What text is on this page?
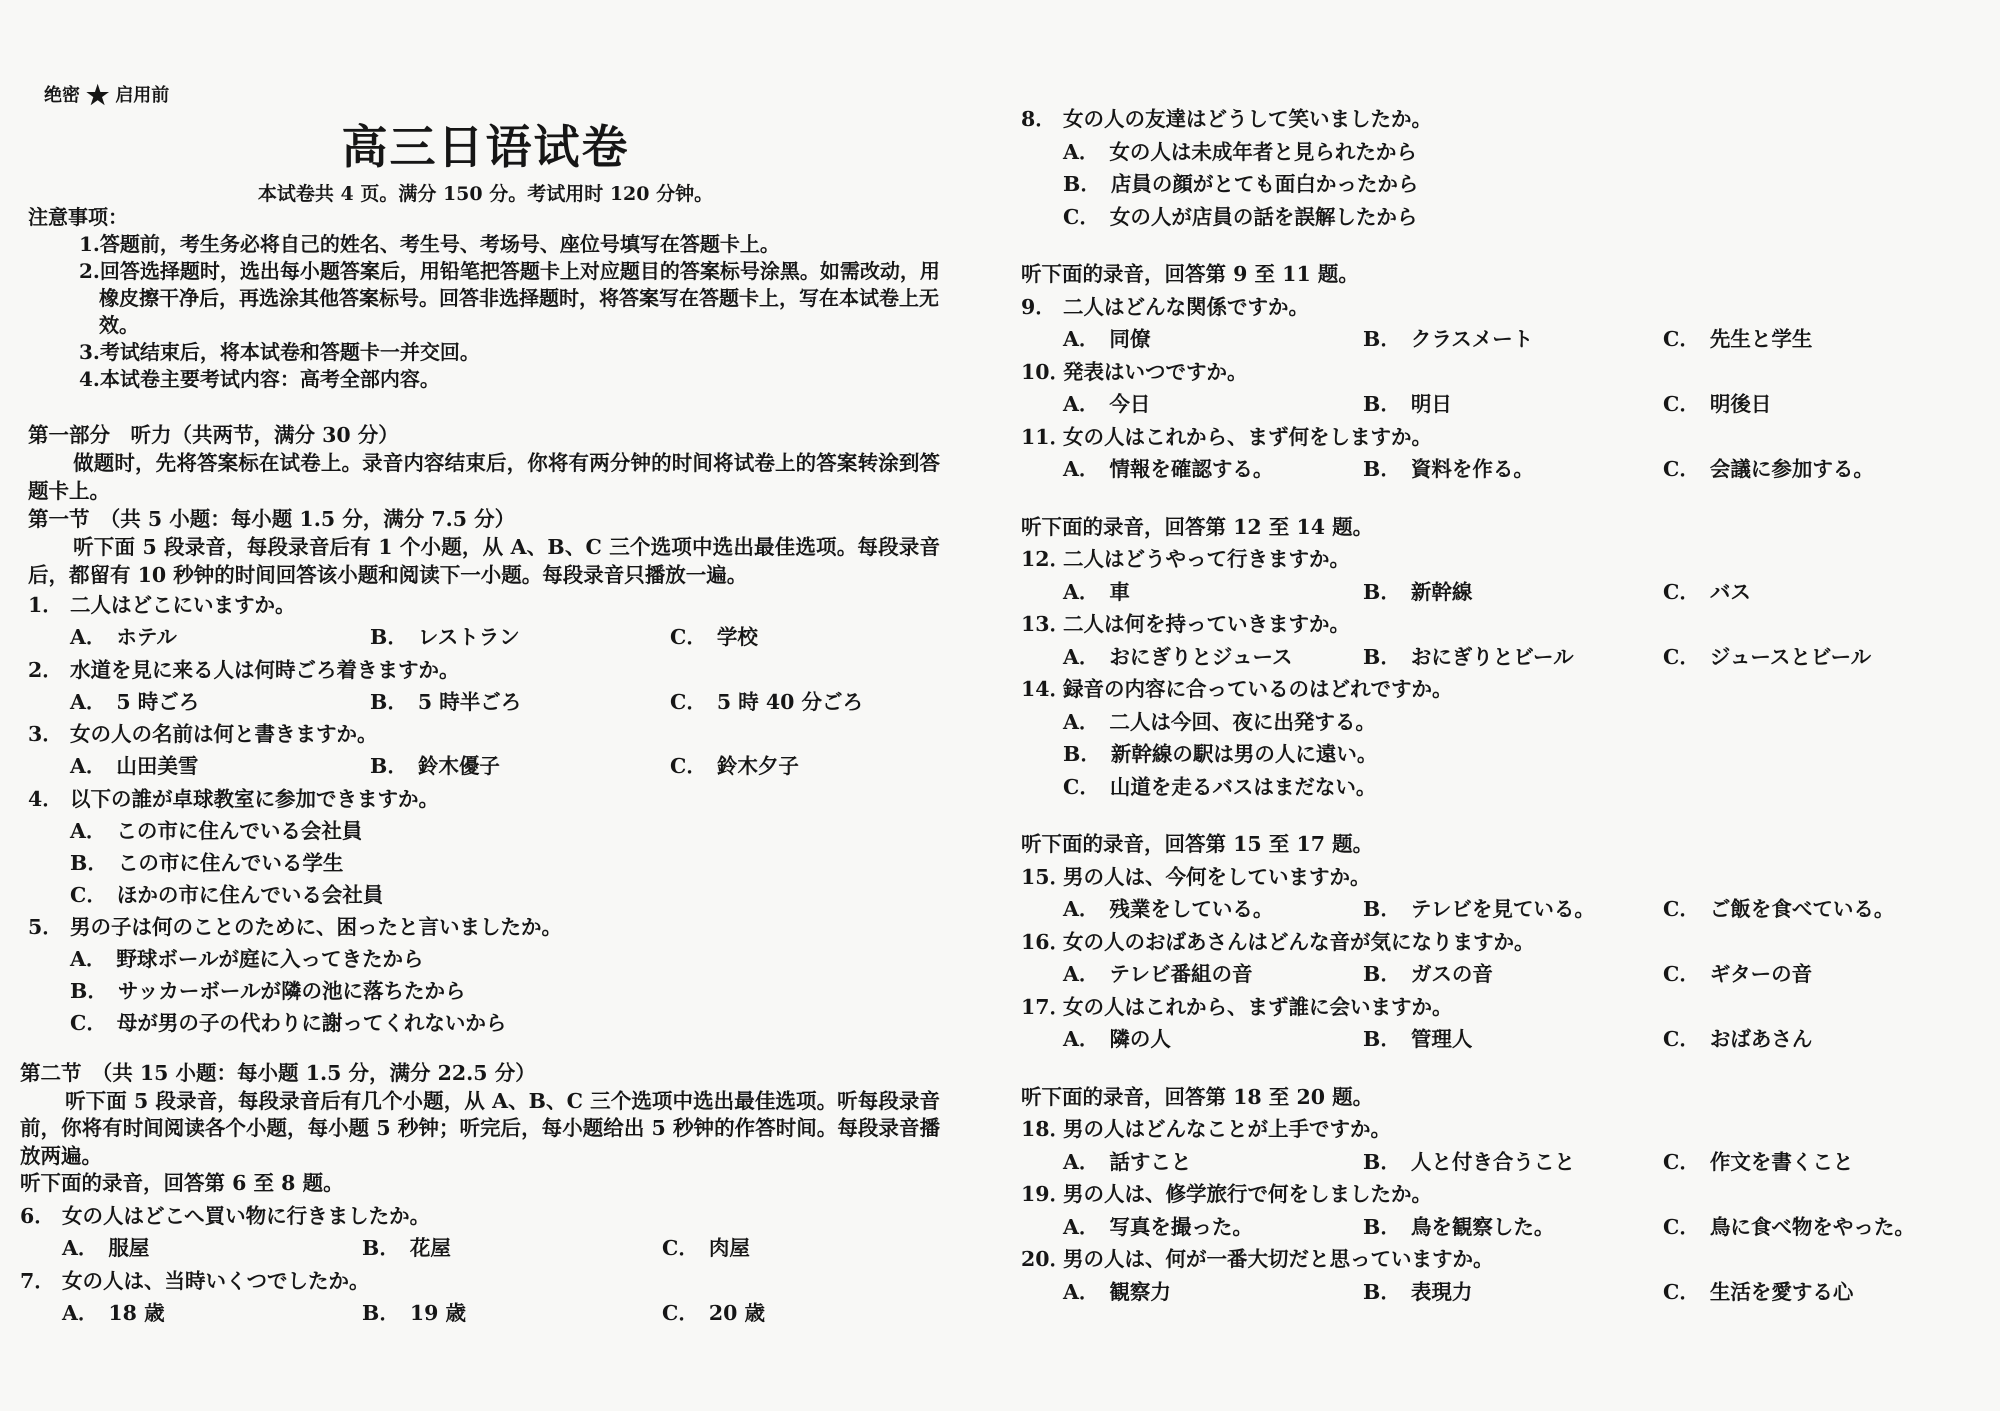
绝密 ★ 启用前
高三日语试卷
本试卷共 4 页。满分 150 分。考试用时 120 分钟。
注意事项：
1.答题前，考生务必将自己的姓名、考生号、考场号、座位号填写在答题卡上。
2.回答选择题时，选出每小题答案后，用铅笔把答题卡上对应题目的答案标号涂黑。如需改动，用橡皮擦干净后，再选涂其他答案标号。回答非选择题时，将答案写在答题卡上，写在本试卷上无效。
3.考试结束后，将本试卷和答题卡一并交回。
4.本试卷主要考试内容：高考全部内容。
第一部分　听力（共两节，满分 30 分）
做题时，先将答案标在试卷上。录音内容结束后，你将有两分钟的时间将试卷上的答案转涂到答题卡上。
第一节　（共 5 小题：每小题 1.5 分，满分 7.5 分）
听下面 5 段录音，每段录音后有 1 个小题，从 A、B、C 三个选项中选出最佳选项。每段录音后，都留有 10 秒钟的时间回答该小题和阅读下一小题。每段录音只播放一遍。
1． 二人はどこにいますか。
A． ホテル	B． レストラン	C． 学校
2． 水道を見に来る人は何時ごろ着きますか。
A． 5 時ごろ	B． 5 時半ごろ	C． 5 時 40 分ごろ
3． 女の人の名前は何と書きますか。
A． 山田美雪	B． 鈴木優子	C． 鈴木夕子
4． 以下の誰が卓球教室に参加できますか。
A． この市に住んでいる会社員
B． この市に住んでいる学生
C． ほかの市に住んでいる会社員
5． 男の子は何のことのために、困ったと言いましたか。
A． 野球ボールが庭に入ってきたから
B． サッカーボールが隣の池に落ちたから
C． 母が男の子の代わりに謝ってくれないから
第二节　（共 15 小题：每小题 1.5 分，满分 22.5 分）
听下面 5 段录音，每段录音后有几个小题，从 A、B、C 三个选项中选出最佳选项。听每段录音前，你将有时间阅读各个小题，每小题 5 秒钟；听完后，每小题给出 5 秒钟的作答时间。每段录音播放两遍。
听下面的录音，回答第 6 至 8 题。
6． 女の人はどこへ買い物に行きましたか。
A． 服屋	B． 花屋	C． 肉屋
7． 女の人は、当時いくつでしたか。
A． 18 歳	B． 19 歳	C． 20 歳
8． 女の人の友達はどうして笑いましたか。
A． 女の人は未成年者と見られたから
B． 店員の顔がとても面白かったから
C． 女の人が店員の話を誤解したから
听下面的录音，回答第 9 至 11 题。
9． 二人はどんな関係ですか。
A． 同僚	B． クラスメート	C． 先生と学生
10．発表はいつですか。
A． 今日	B． 明日	C． 明後日
11．女の人はこれから、まず何をしますか。
A． 情報を確認する。	B． 資料を作る。	C． 会議に参加する。
听下面的录音，回答第 12 至 14 题。
12．二人はどうやって行きますか。
A． 車	B． 新幹線	C． バス
13．二人は何を持っていきますか。
A． おにぎりとジュース	B． おにぎりとビール	C． ジュースとビール
14．録音の内容に合っているのはどれですか。
A． 二人は今回、夜に出発する。
B． 新幹線の駅は男の人に遠い。
C． 山道を走るバスはまだない。
听下面的录音，回答第 15 至 17 题。
15．男の人は、今何をしていますか。
A． 残業をしている。	B． テレビを見ている。	C． ご飯を食べている。
16．女の人のおばあさんはどんな音が気になりますか。
A． テレビ番組の音	B． ガスの音	C． ギターの音
17．女の人はこれから、まず誰に会いますか。
A． 隣の人	B． 管理人	C． おばあさん
听下面的录音，回答第 18 至 20 题。
18．男の人はどんなことが上手ですか。
A． 話すこと	B． 人と付き合うこと	C． 作文を書くこと
19．男の人は、修学旅行で何をしましたか。
A． 写真を撮った。	B． 鳥を観察した。	C． 鳥に食べ物をやった。
20．男の人は、何が一番大切だと思っていますか。
A． 観察力	B． 表現力	C． 生活を愛する心
